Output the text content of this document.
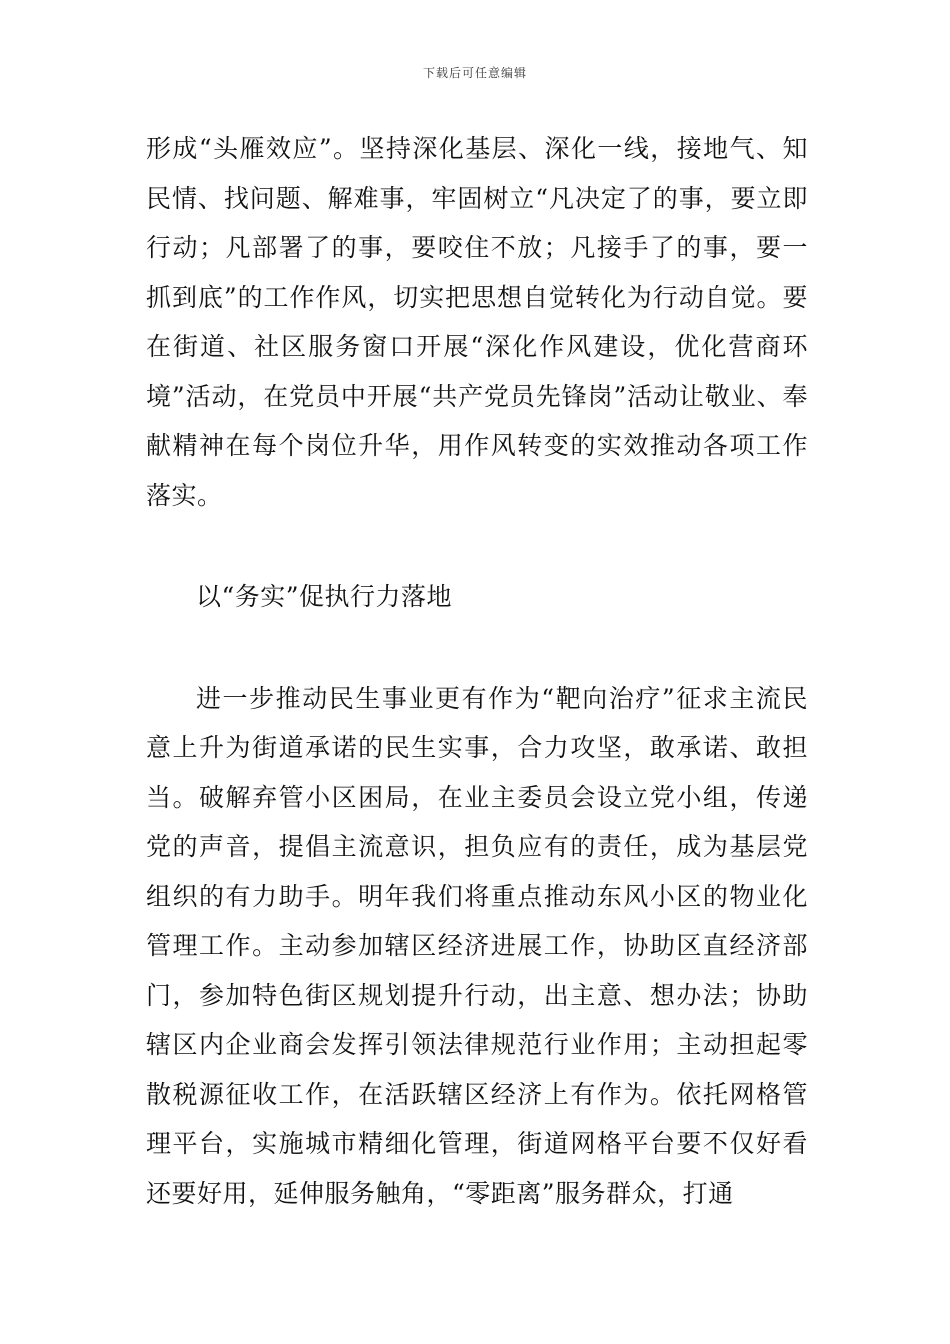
下载后可任意编辑

形成“头雁效应”。坚持深化基层、深化一线，接地气、知民情、找问题、解难事，牢固树立“凡决定了的事，要立即行动；凡部署了的事，要咬住不放；凡接手了的事，要一抓到底”的工作作风，切实把思想自觉转化为行动自觉。要在街道、社区服务窗口开展“深化作风建设，优化营商环境”活动，在党员中开展“共产党员先锋岗”活动让敬业、奉献精神在每个岗位升华，用作风转变的实效推动各项工作落实。

以“务实”促执行力落地

进一步推动民生事业更有作为“靶向治疗”征求主流民意上升为街道承诺的民生实事，合力攻坚，敢承诺、敢担当。破解弃管小区困局，在业主委员会设立党小组，传递党的声音，提倡主流意识，担负应有的责任，成为基层党组织的有力助手。明年我们将重点推动东风小区的物业化管理工作。主动参加辖区经济进展工作，协助区直经济部门，参加特色街区规划提升行动，出主意、想办法；协助辖区内企业商会发挥引领法律规范行业作用；主动担起零散税源征收工作，在活跃辖区经济上有作为。依托网格管理平台，实施城市精细化管理，街道网格平台要不仅好看还要好用，延伸服务触角，“零距离”服务群众，打通
